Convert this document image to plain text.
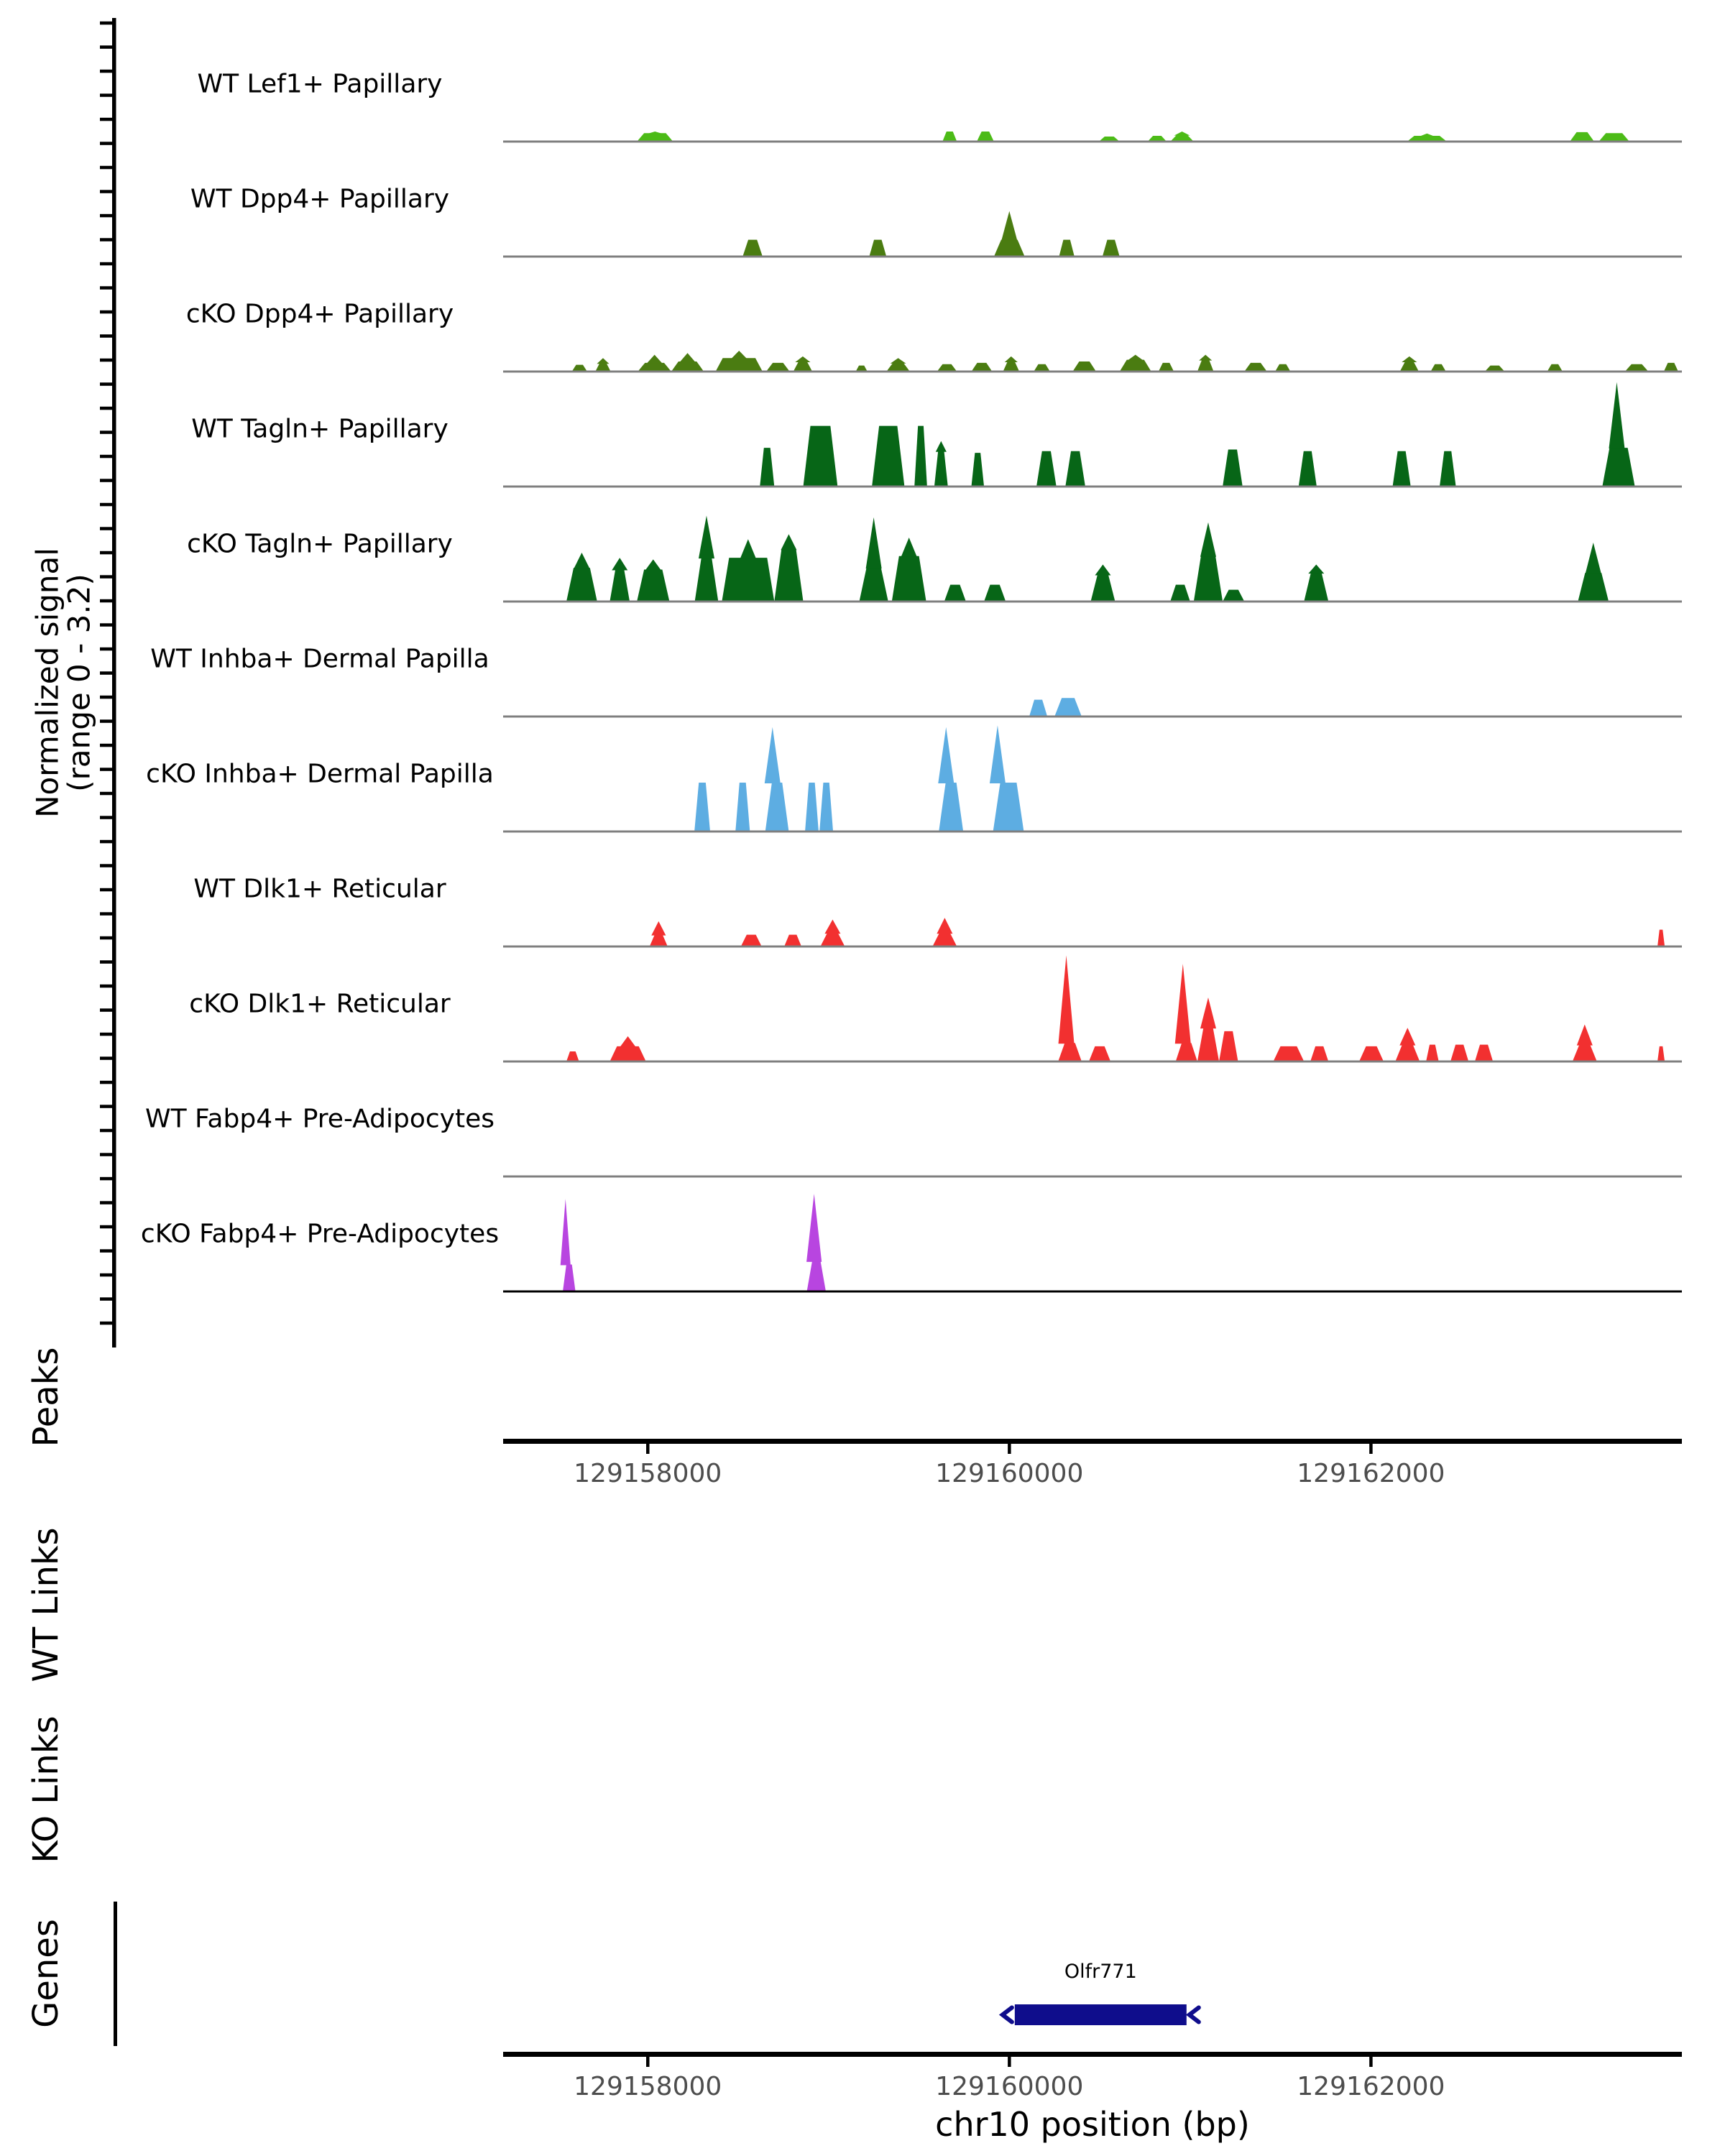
Normalized signal
(range 0 - 3.2)
WT Lef1+ Papillary
WT Dpp4+ Papillary
cKO Dpp4+ Papillary
WT Tagln+ Papillary
cKO Tagln+ Papillary
WT Inhba+ Dermal Papilla
cKO Inhba+ Dermal Papilla
WT Dlk1+ Reticular
cKO Dlk1+ Reticular
WT Fabp4+ Pre-Adipocytes
cKO Fabp4+ Pre-Adipocytes
Peaks
WT Links
KO Links
Genes
129158000	129160000	129162000
Olfr771
129158000	129160000	129162000
chr10 position (bp)
